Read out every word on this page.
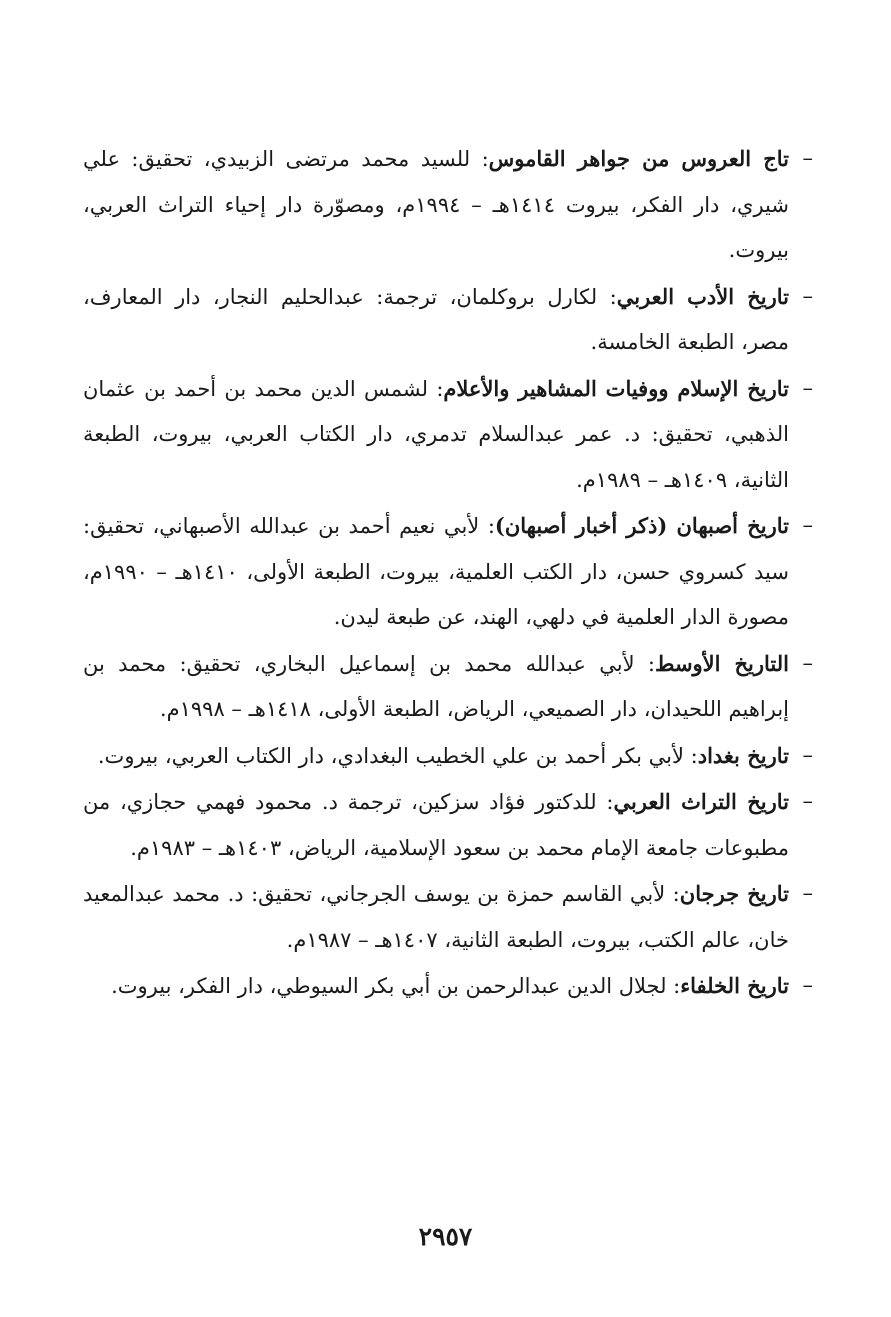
–
تاج العروس من جواهر القاموس: للسيد محمد مرتضى الزبيدي، تحقيق: علي شيري، دار الفكر، بيروت ١٤١٤هـ – ١٩٩٤م، ومصوّرة دار إحياء التراث العربي، بيروت.
–
تاريخ الأدب العربي: لكارل بروكلمان، ترجمة: عبدالحليم النجار، دار المعارف، مصر، الطبعة الخامسة.
–
تاريخ الإسلام ووفيات المشاهير والأعلام: لشمس الدين محمد بن أحمد بن عثمان الذهبي، تحقيق: د. عمر عبدالسلام تدمري، دار الكتاب العربي، بيروت، الطبعة الثانية، ١٤٠٩هـ – ١٩٨٩م.
–
تاريخ أصبهان (ذكر أخبار أصبهان): لأبي نعيم أحمد بن عبدالله الأصبهاني، تحقيق: سيد كسروي حسن، دار الكتب العلمية، بيروت، الطبعة الأولى، ١٤١٠هـ – ١٩٩٠م، مصورة الدار العلمية في دلهي، الهند، عن طبعة ليدن.
–
التاريخ الأوسط: لأبي عبدالله محمد بن إسماعيل البخاري، تحقيق: محمد بن إبراهيم اللحيدان، دار الصميعي، الرياض، الطبعة الأولى، ١٤١٨هـ – ١٩٩٨م.
–
تاريخ بغداد: لأبي بكر أحمد بن علي الخطيب البغدادي، دار الكتاب العربي، بيروت.
–
تاريخ التراث العربي: للدكتور فؤاد سزكين، ترجمة د. محمود فهمي حجازي، من مطبوعات جامعة الإمام محمد بن سعود الإسلامية، الرياض، ١٤٠٣هـ – ١٩٨٣م.
–
تاريخ جرجان: لأبي القاسم حمزة بن يوسف الجرجاني، تحقيق: د. محمد عبدالمعيد خان، عالم الكتب، بيروت، الطبعة الثانية، ١٤٠٧هـ – ١٩٨٧م.
–
تاريخ الخلفاء: لجلال الدين عبدالرحمن بن أبي بكر السيوطي، دار الفكر، بيروت.
٢٩٥٧
